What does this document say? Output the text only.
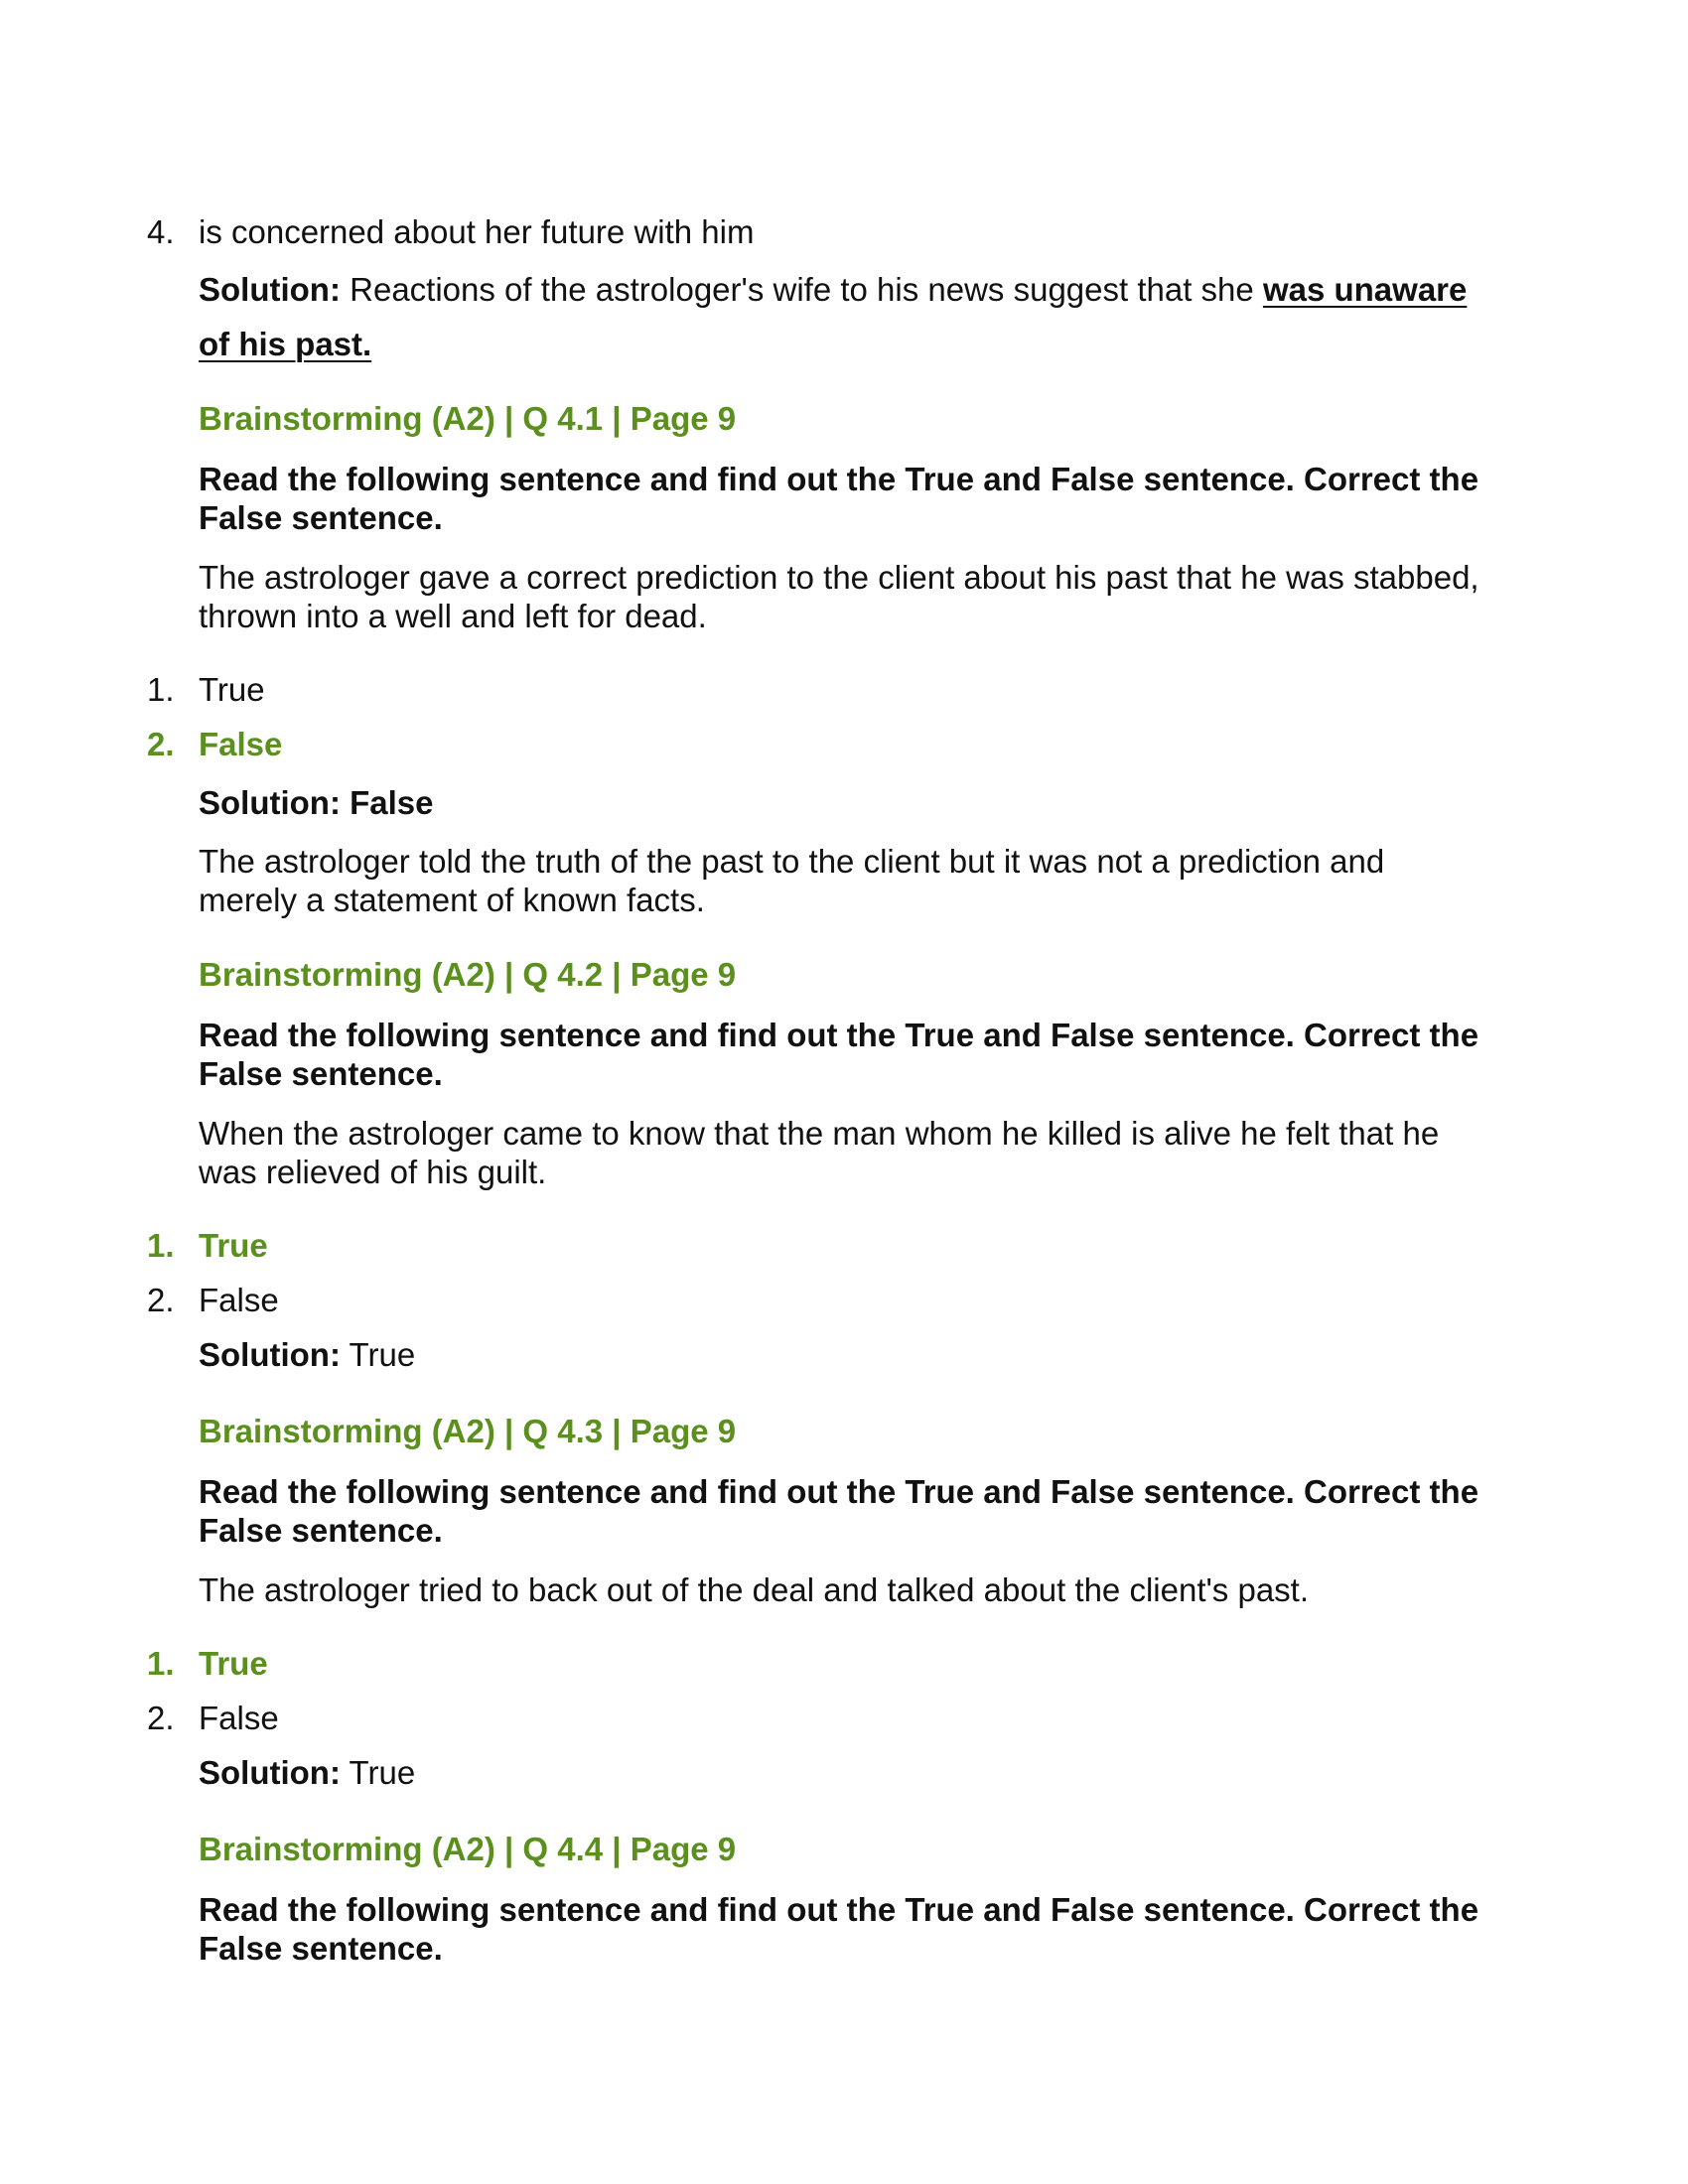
4. is concerned about her future with him
Solution: Reactions of the astrologer's wife to his news suggest that she was unaware
of his past.
Brainstorming (A2) | Q 4.1 | Page 9
Read the following sentence and find out the True and False sentence. Correct the False sentence.
The astrologer gave a correct prediction to the client about his past that he was stabbed, thrown into a well and left for dead.
1. True
2. False
Solution: False
The astrologer told the truth of the past to the client but it was not a prediction and merely a statement of known facts.
Brainstorming (A2) | Q 4.2 | Page 9
Read the following sentence and find out the True and False sentence. Correct the False sentence.
When the astrologer came to know that the man whom he killed is alive he felt that he was relieved of his guilt.
1. True
2. False
Solution: True
Brainstorming (A2) | Q 4.3 | Page 9
Read the following sentence and find out the True and False sentence. Correct the False sentence.
The astrologer tried to back out of the deal and talked about the client's past.
1. True
2. False
Solution: True
Brainstorming (A2) | Q 4.4 | Page 9
Read the following sentence and find out the True and False sentence. Correct the False sentence.
